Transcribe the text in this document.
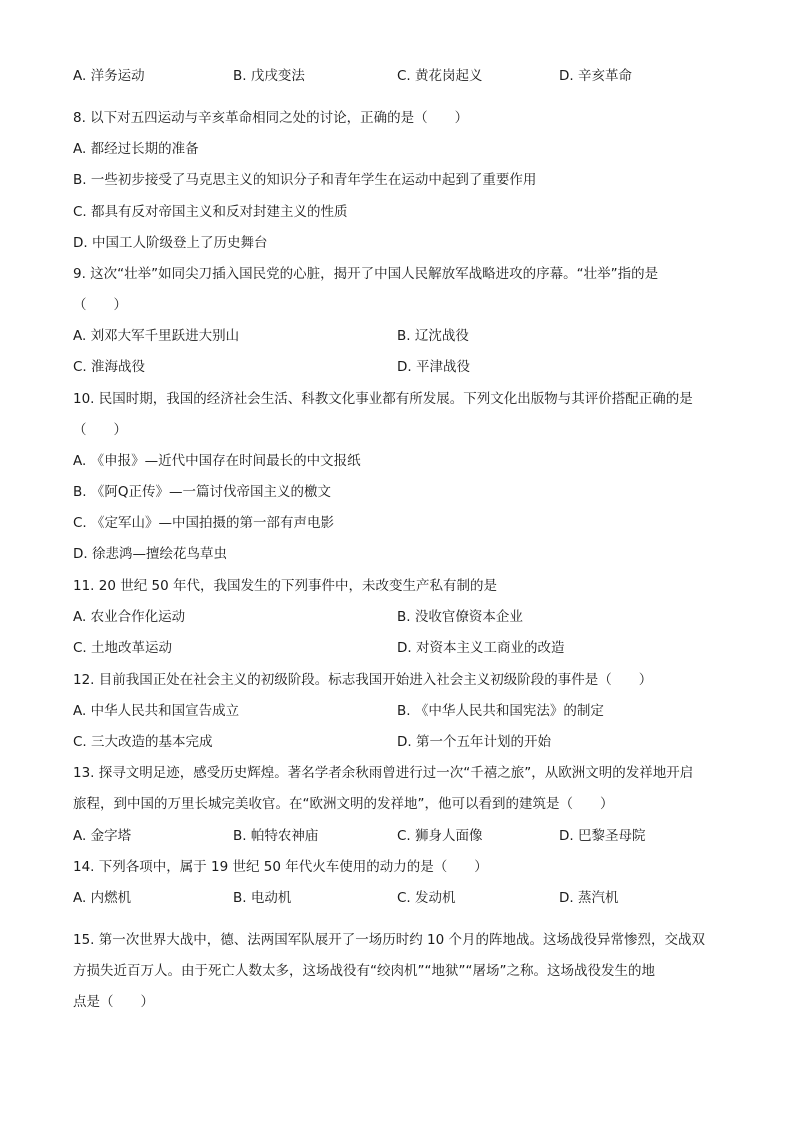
A. 洋务运动	B. 戊戌变法	C. 黄花岗起义	D. 辛亥革命
8. 以下对五四运动与辛亥革命相同之处的讨论，正确的是（　　）
A. 都经过长期的准备
B. 一些初步接受了马克思主义的知识分子和青年学生在运动中起到了重要作用
C. 都具有反对帝国主义和反对封建主义的性质
D. 中国工人阶级登上了历史舞台
9. 这次“壮举”如同尖刀插入国民党的心脏，揭开了中国人民解放军战略进攻的序幕。“壮举”指的是
（　　）
A. 刘邓大军千里跃进大别山	B. 辽沈战役
C. 淮海战役	D. 平津战役
10. 民国时期，我国的经济社会生活、科教文化事业都有所发展。下列文化出版物与其评价搭配正确的是
（　　）
A. 《申报》—近代中国存在时间最长的中文报纸
B. 《阿Q正传》—一篇讨伐帝国主义的檄文
C. 《定军山》—中国拍摄的第一部有声电影
D. 徐悲鸿—擅绘花鸟草虫
11. 20 世纪 50 年代，我国发生的下列事件中，未改变生产私有制的是
A. 农业合作化运动	B. 没收官僚资本企业
C. 土地改革运动	D. 对资本主义工商业的改造
12. 目前我国正处在社会主义的初级阶段。标志我国开始进入社会主义初级阶段的事件是（　　）
A. 中华人民共和国宣告成立	B. 《中华人民共和国宪法》的制定
C. 三大改造的基本完成	D. 第一个五年计划的开始
13. 探寻文明足迹，感受历史辉煌。著名学者余秋雨曾进行过一次“千禧之旅”，从欧洲文明的发祥地开启
旅程，到中国的万里长城完美收官。在“欧洲文明的发祥地”，他可以看到的建筑是（　　）
A. 金字塔	B. 帕特农神庙	C. 狮身人面像	D. 巴黎圣母院
14. 下列各项中，属于 19 世纪 50 年代火车使用的动力的是（　　）
A. 内燃机	B. 电动机	C. 发动机	D. 蒸汽机
15. 第一次世界大战中，德、法两国军队展开了一场历时约 10 个月的阵地战。这场战役异常惨烈，交战双
方损失近百万人。由于死亡人数太多，这场战役有“绞肉机”“地狱”“屠场”之称。这场战役发生的地
点是（　　）
